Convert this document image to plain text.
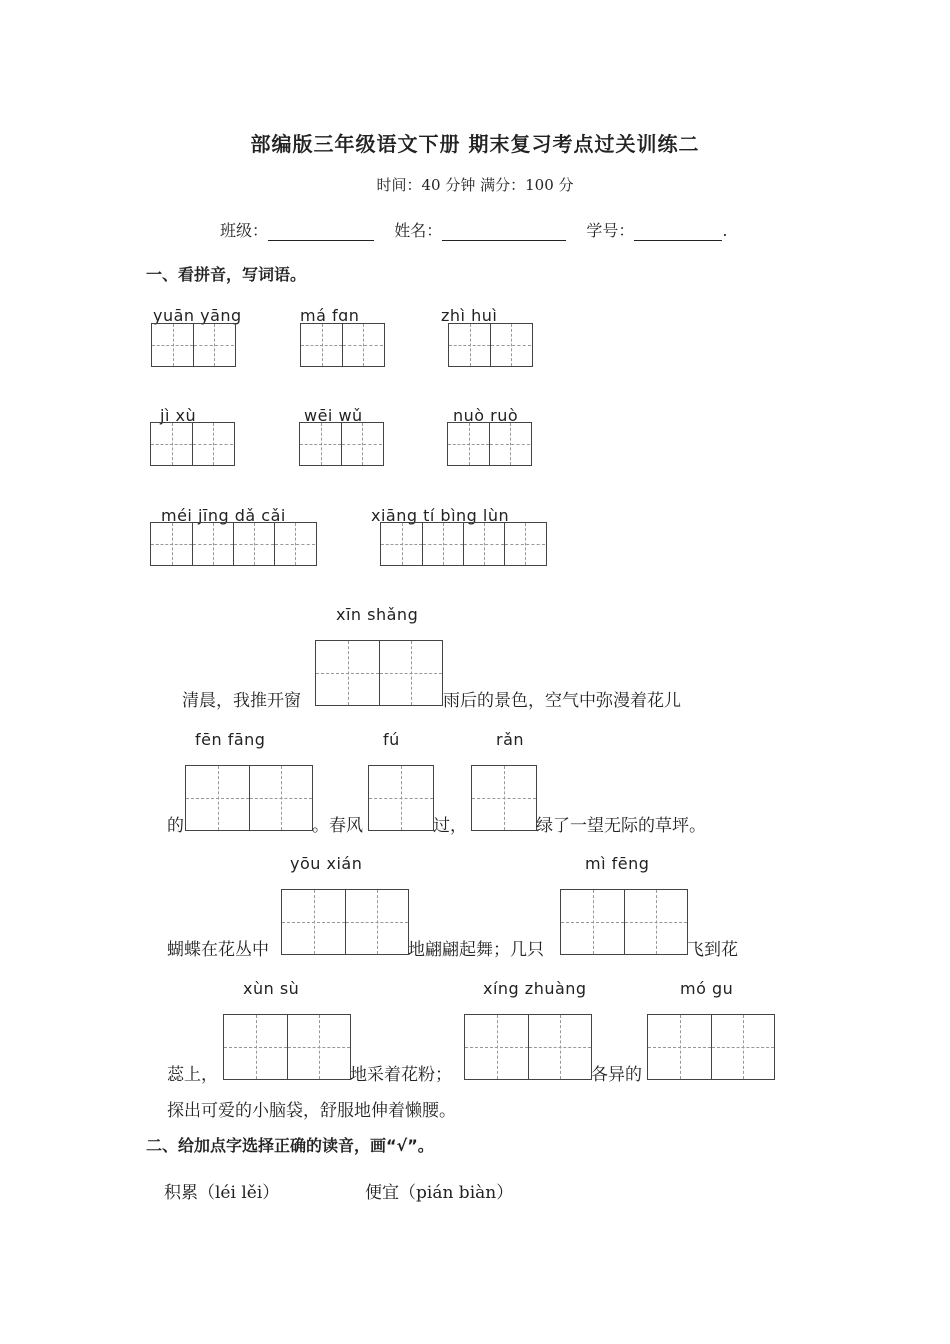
部编版三年级语文下册 期末复习考点过关训练二
时间：40 分钟 满分：100 分
班级：	姓名：	学号：	.
一、看拼音，写词语。
yuān yāng	má fɑn	zhì huì
jì xù	wēi wǔ	nuò ruò
méi jīng dǎ cǎi	xiāng tí bìng lùn
xīn shǎng
清晨，我推开窗	雨后的景色，空气中弥漫着花儿
fēn fāng	fú	rǎn
的	。春风	过，	绿了一望无际的草坪。
yōu xián	mì fēng
蝴蝶在花丛中	地翩翩起舞；几只	飞到花
xùn sù	xíng zhuàng	mó gu
蕊上，	地采着花粉；	各异的
探出可爱的小脑袋，舒服地伸着懒腰。
二、给加点字选择正确的读音，画“√”。
积累（léi lěi）	便宜（pián biàn）
